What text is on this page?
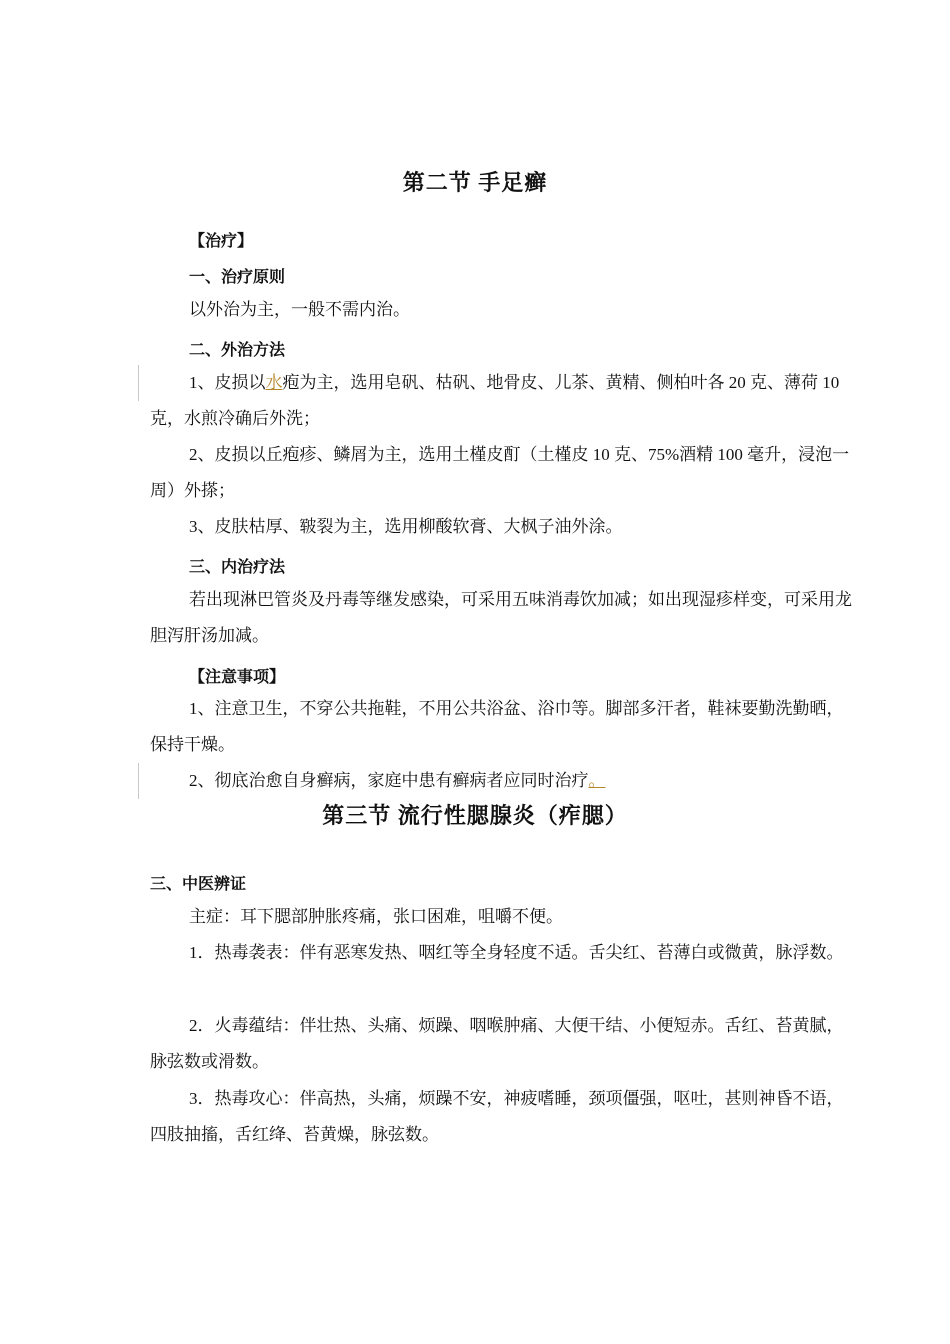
第二节 手足癣
【治疗】
一、治疗原则

以外治为主，一般不需内治。

二、外治方法

1、皮损以水疱为主，选用皂矾、枯矾、地骨皮、儿茶、黄精、侧柏叶各 20 克、薄荷 10 克，水煎冷确后外洗；

2、皮损以丘疱疹、鳞屑为主，选用土槿皮酊（土槿皮 10 克、75%酒精 100 毫升，浸泡一周）外搽；

3、皮肤枯厚、皲裂为主，选用柳酸软膏、大枫子油外涂。

三、内治疗法

若出现淋巴管炎及丹毒等继发感染，可采用五味消毒饮加减；如出现湿疹样变，可采用龙胆泻肝汤加减。

【注意事项】

1、注意卫生，不穿公共拖鞋，不用公共浴盆、浴巾等。脚部多汗者，鞋袜要勤洗勤晒，保持干燥。

2、彻底治愈自身癣病，家庭中患有癣病者应同时治疗。

第三节 流行性腮腺炎（痄腮）
三、中医辨证

主症：耳下腮部肿胀疼痛，张口困难，咀嚼不便。

1．热毒袭表：伴有恶寒发热、咽红等全身轻度不适。舌尖红、苔薄白或微黄，脉浮数。

2．火毒蕴结：伴壮热、头痛、烦躁、咽喉肿痛、大便干结、小便短赤。舌红、苔黄腻，脉弦数或滑数。

3．热毒攻心：伴高热，头痛，烦躁不安，神疲嗜睡，颈项僵强，呕吐，甚则神昏不语，四肢抽搐，舌红绛、苔黄燥，脉弦数。
